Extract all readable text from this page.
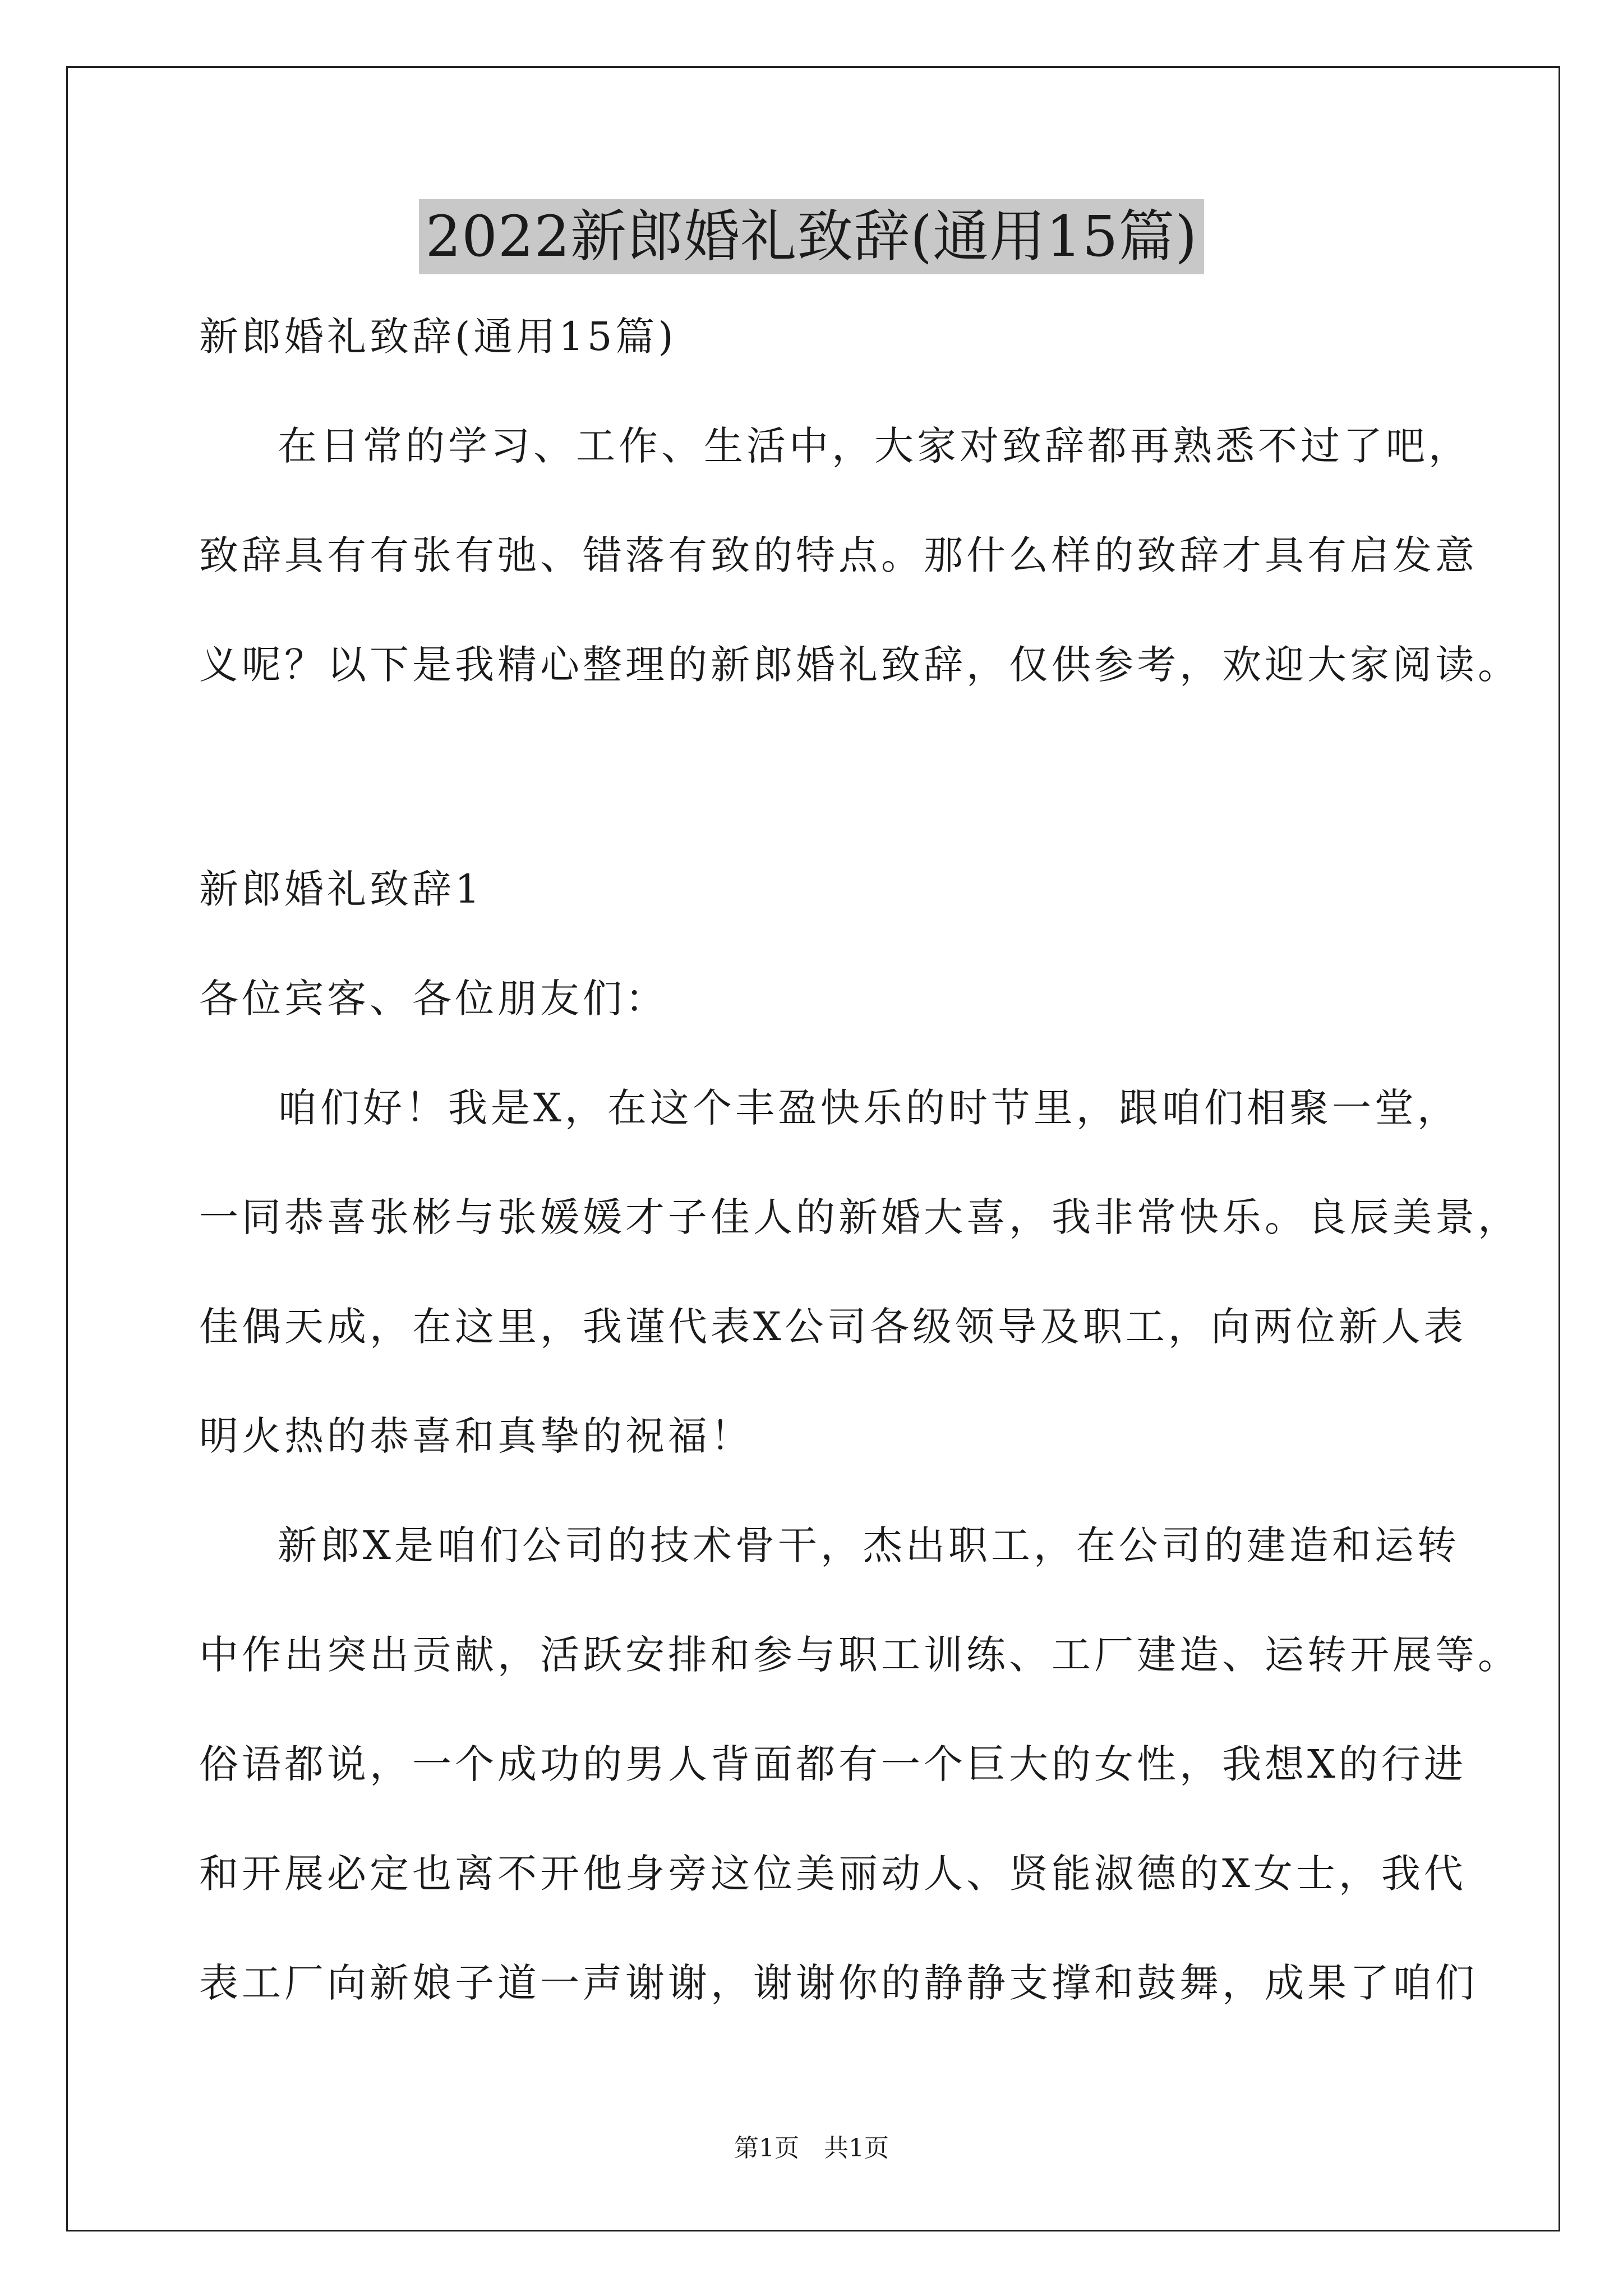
2022新郎婚礼致辞(通用15篇)
新郎婚礼致辞(通用15篇)
在日常的学习、工作、生活中，大家对致辞都再熟悉不过了吧，
致辞具有有张有弛、错落有致的特点。那什么样的致辞才具有启发意
义呢？以下是我精心整理的新郎婚礼致辞，仅供参考，欢迎大家阅读。
新郎婚礼致辞1
各位宾客、各位朋友们：
咱们好！我是X，在这个丰盈快乐的时节里，跟咱们相聚一堂，
一同恭喜张彬与张媛媛才子佳人的新婚大喜，我非常快乐。良辰美景，
佳偶天成，在这里，我谨代表X公司各级领导及职工，向两位新人表
明火热的恭喜和真挚的祝福！
新郎X是咱们公司的技术骨干，杰出职工，在公司的建造和运转
中作出突出贡献，活跃安排和参与职工训练、工厂建造、运转开展等。
俗语都说，一个成功的男人背面都有一个巨大的女性，我想X的行进
和开展必定也离不开他身旁这位美丽动人、贤能淑德的X女士，我代
表工厂向新娘子道一声谢谢，谢谢你的静静支撑和鼓舞，成果了咱们
第1页　共1页
